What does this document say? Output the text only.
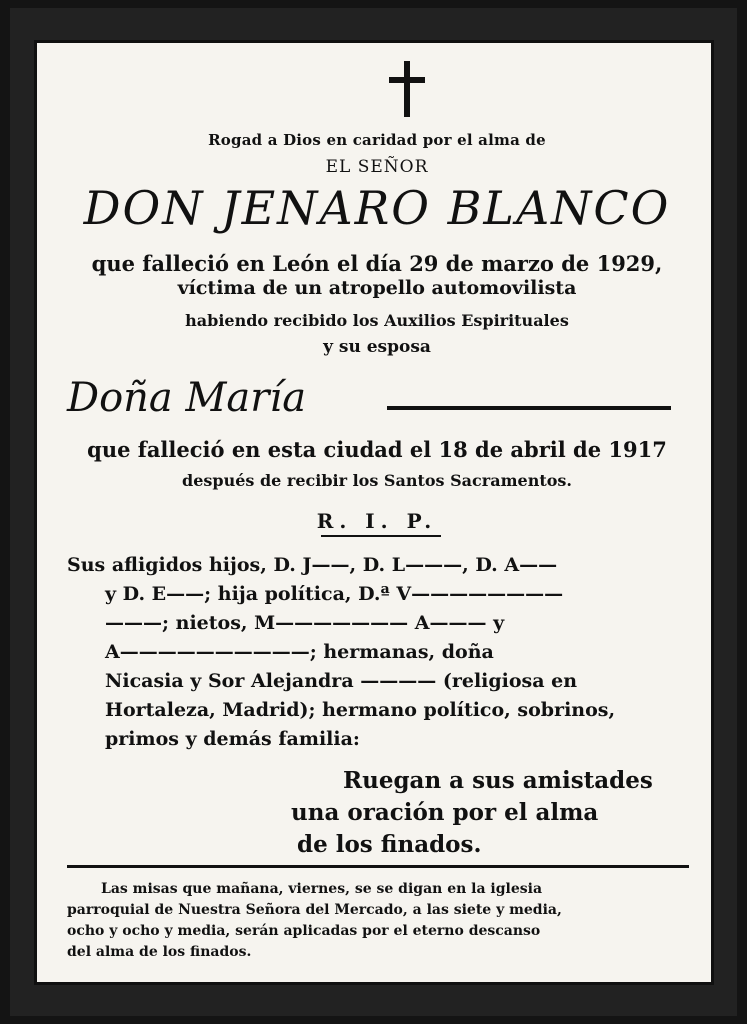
Rogad a Dios en caridad por el alma de
EL SEÑOR
DON JENARO BLANCO
que falleció en León el día 29 de marzo de 1929,
víctima de un atropello automovilista
habiendo recibido los Auxilios Espirituales
y su esposa
Doña María
que falleció en esta ciudad el 18 de abril de 1917
después de recibir los Santos Sacramentos.
R. I. P.
Sus afligidos hijos, D. J——, D. L———, D. A——
y D. E——; hija política, D.ª V————————
———; nietos, M——————— A——— y
A——————————; hermanas, doña
Nicasia y Sor Alejandra ———— (religiosa en
Hortaleza, Madrid); hermano político, sobrinos,
primos y demás familia:
Ruegan a sus amistades
una oración por el alma
de los finados.
Las misas que mañana, viernes, se se digan en la iglesia
parroquial de Nuestra Señora del Mercado, a las siete y media,
ocho y ocho y media, serán aplicadas por el eterno descanso
del alma de los finados.
